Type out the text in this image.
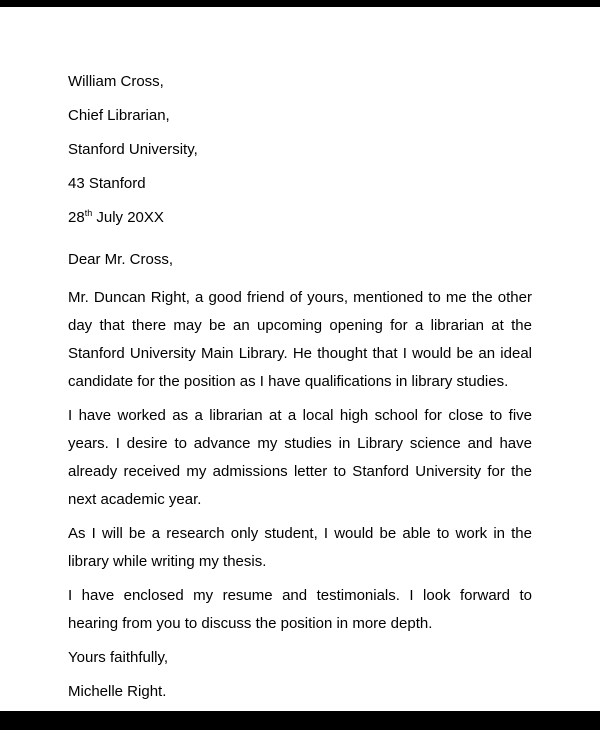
William Cross,

Chief Librarian,

Stanford University,

43 Stanford

28th July 20XX

Dear Mr. Cross,

Mr. Duncan Right, a good friend of yours, mentioned to me the other day that there may be an upcoming opening for a librarian at the Stanford University Main Library. He thought that I would be an ideal candidate for the position as I have qualifications in library studies.

I have worked as a librarian at a local high school for close to five years. I desire to advance my studies in Library science and have already received my admissions letter to Stanford University for the next academic year.

As I will be a research only student, I would be able to work in the library while writing my thesis.

I have enclosed my resume and testimonials. I look forward to hearing from you to discuss the position in more depth.

Yours faithfully,

Michelle Right.
